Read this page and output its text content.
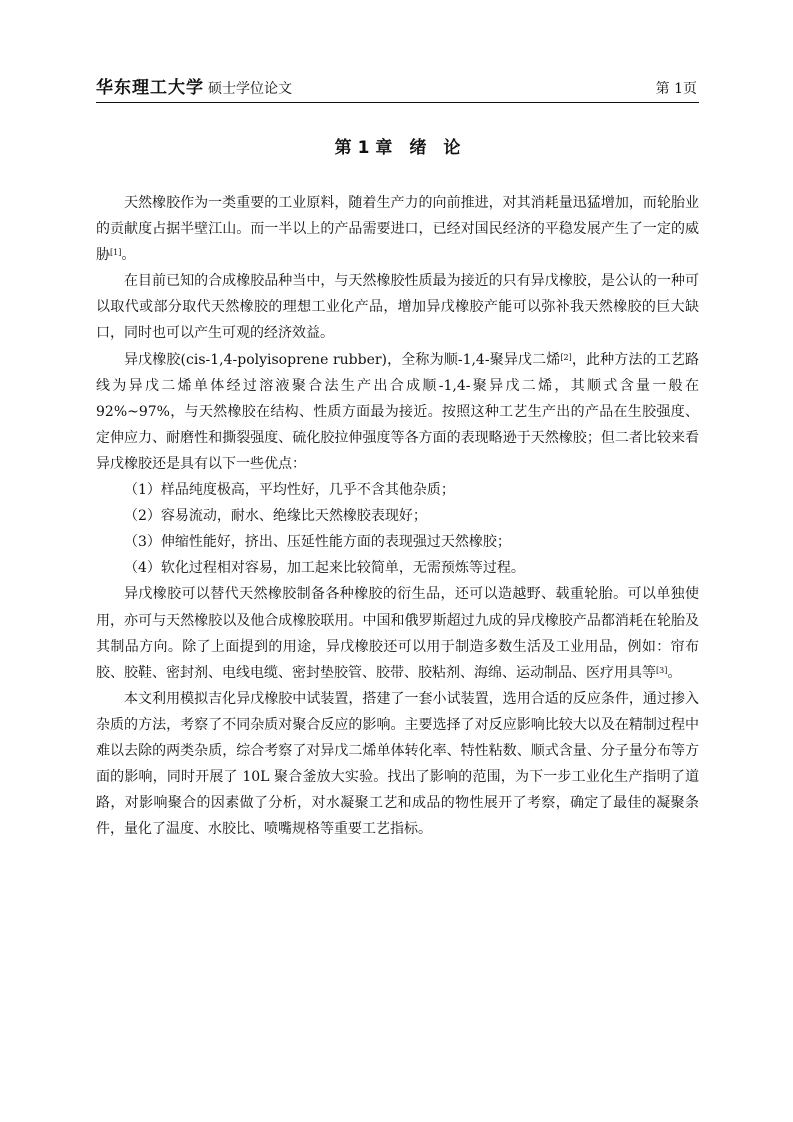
华东理工大学 硕士学位论文	第 1页
第 1 章　绪　论

天然橡胶作为一类重要的工业原料，随着生产力的向前推进，对其消耗量迅猛增加，而轮胎业的贡献度占据半壁江山。而一半以上的产品需要进口，已经对国民经济的平稳发展产生了一定的威胁[1]。

在目前已知的合成橡胶品种当中，与天然橡胶性质最为接近的只有异戊橡胶，是公认的一种可以取代或部分取代天然橡胶的理想工业化产品，增加异戊橡胶产能可以弥补我天然橡胶的巨大缺口，同时也可以产生可观的经济效益。

异戊橡胶(cis-1,4-polyisoprene rubber)，全称为顺-1,4-聚异戊二烯[2]，此种方法的工艺路线为异戊二烯单体经过溶液聚合法生产出合成顺-1,4-聚异戊二烯，其顺式含量一般在 92%~97%，与天然橡胶在结构、性质方面最为接近。按照这种工艺生产出的产品在生胶强度、定伸应力、耐磨性和撕裂强度、硫化胶拉伸强度等各方面的表现略逊于天然橡胶；但二者比较来看异戊橡胶还是具有以下一些优点：

（1）样品纯度极高，平均性好，几乎不含其他杂质；

（2）容易流动，耐水、绝缘比天然橡胶表现好；

（3）伸缩性能好，挤出、压延性能方面的表现强过天然橡胶；

（4）软化过程相对容易，加工起来比较简单，无需预炼等过程。

异戊橡胶可以替代天然橡胶制备各种橡胶的衍生品，还可以造越野、载重轮胎。可以单独使用，亦可与天然橡胶以及他合成橡胶联用。中国和俄罗斯超过九成的异戊橡胶产品都消耗在轮胎及其制品方向。除了上面提到的用途，异戊橡胶还可以用于制造多数生活及工业用品，例如：帘布胶、胶鞋、密封剂、电线电缆、密封垫胶管、胶带、胶粘剂、海绵、运动制品、医疗用具等[3]。

本文利用模拟吉化异戊橡胶中试装置，搭建了一套小试装置，选用合适的反应条件，通过掺入杂质的方法，考察了不同杂质对聚合反应的影响。主要选择了对反应影响比较大以及在精制过程中难以去除的两类杂质，综合考察了对异戊二烯单体转化率、特性粘数、顺式含量、分子量分布等方面的影响，同时开展了 10L 聚合釜放大实验。找出了影响的范围，为下一步工业化生产指明了道路，对影响聚合的因素做了分析，对水凝聚工艺和成品的物性展开了考察，确定了最佳的凝聚条件，量化了温度、水胶比、喷嘴规格等重要工艺指标。
